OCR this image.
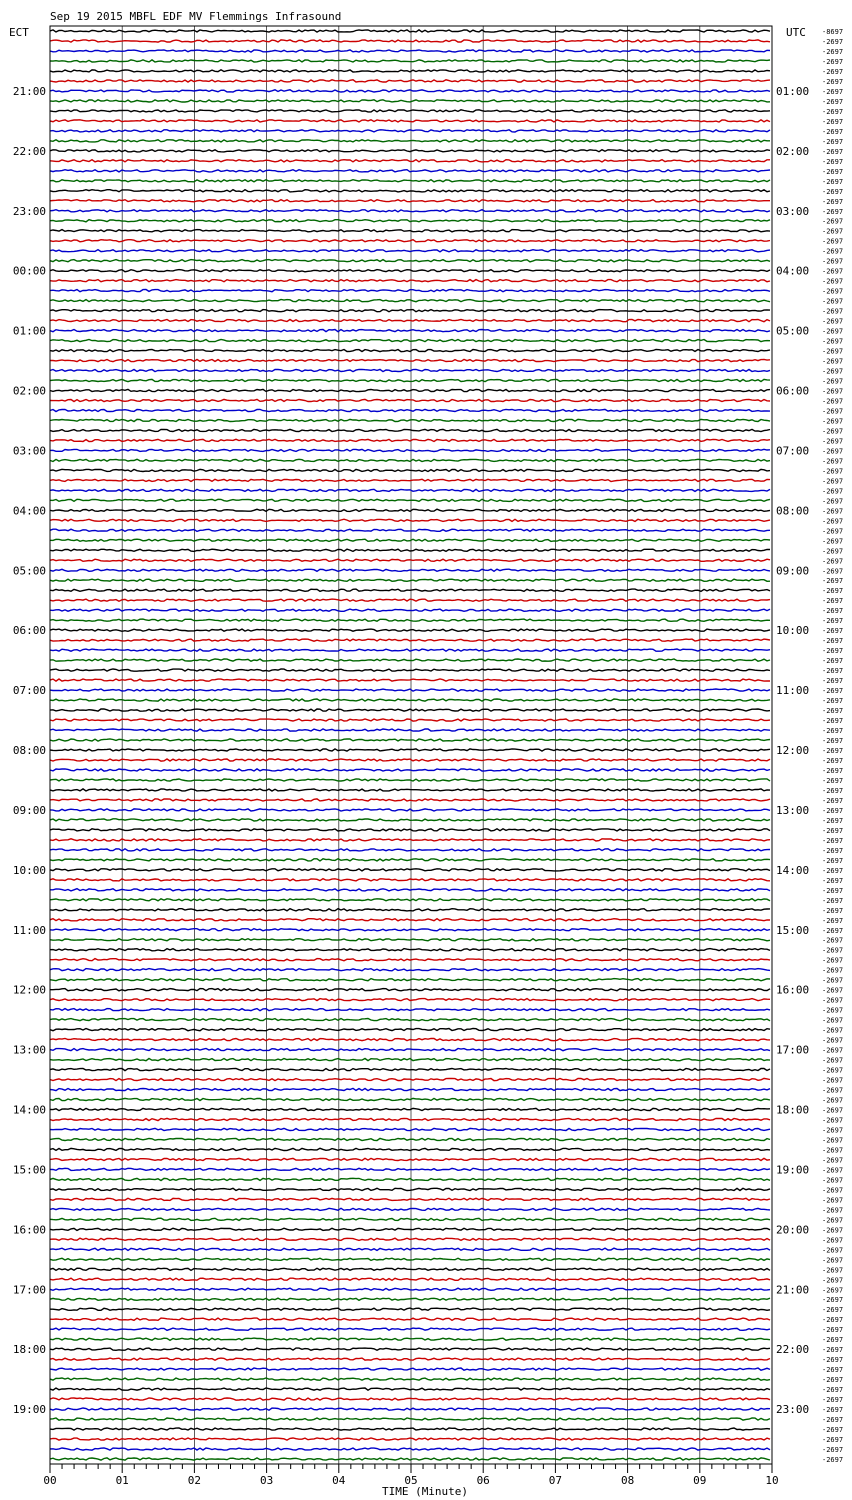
Sep 19 2015 MBFL EDF MV Flemmings Infrasound
ECT	UTC
00	01	02	03	04	05	06	07	08	09	10
21:00
22:00
23:00
00:00
01:00
02:00
03:00
04:00
05:00
06:00
07:00
08:00
09:00
10:00
11:00
12:00
13:00
14:00
15:00
16:00
17:00
18:00
19:00
01:00
02:00
03:00
04:00
05:00
06:00
07:00
08:00
09:00
10:00
11:00
12:00
13:00
14:00
15:00
16:00
17:00
18:00
19:00
20:00
21:00
22:00
23:00
-8697
-2697
-2697
-2697
-2697
-2697
-2697
-2697
-2697
-2697
-2697
-2697
-2697
-2697
-2697
-2697
-2697
-2697
-2697
-2697
-2697
-2697
-2697
-2697
-2697
-2697
-2697
-2697
-2697
-2697
-2697
-2697
-2697
-2697
-2697
-2697
-2697
-2697
-2697
-2697
-2697
-2697
-2697
-2697
-2697
-2697
-2697
-2697
-2697
-2697
-2697
-2697
-2697
-2697
-2697
-2697
-2697
-2697
-2697
-2697
-2697
-2697
-2697
-2697
-2697
-2697
-2697
-2697
-2697
-2697
-2697
-2697
-2697
-2697
-2697
-2697
-2697
-2697
-2697
-2697
-2697
-2697
-2697
-2697
-2697
-2697
-2697
-2697
-2697
-2697
-2697
-2697
-2697
-2697
-2697
-2697
-2697
-2697
-2697
-2697
-2697
-2697
-2697
-2697
-2697
-2697
-2697
-2697
-2697
-2697
-2697
-2697
-2697
-2697
-2697
-2697
-2697
-2697
-2697
-2697
-2697
-2697
-2697
-2697
-2697
-2697
-2697
-2697
-2697
-2697
-2697
-2697
-2697
-2697
-2697
-2697
-2697
-2697
-2697
-2697
-2697
-2697
-2697
-2697
TIME (Minute)
